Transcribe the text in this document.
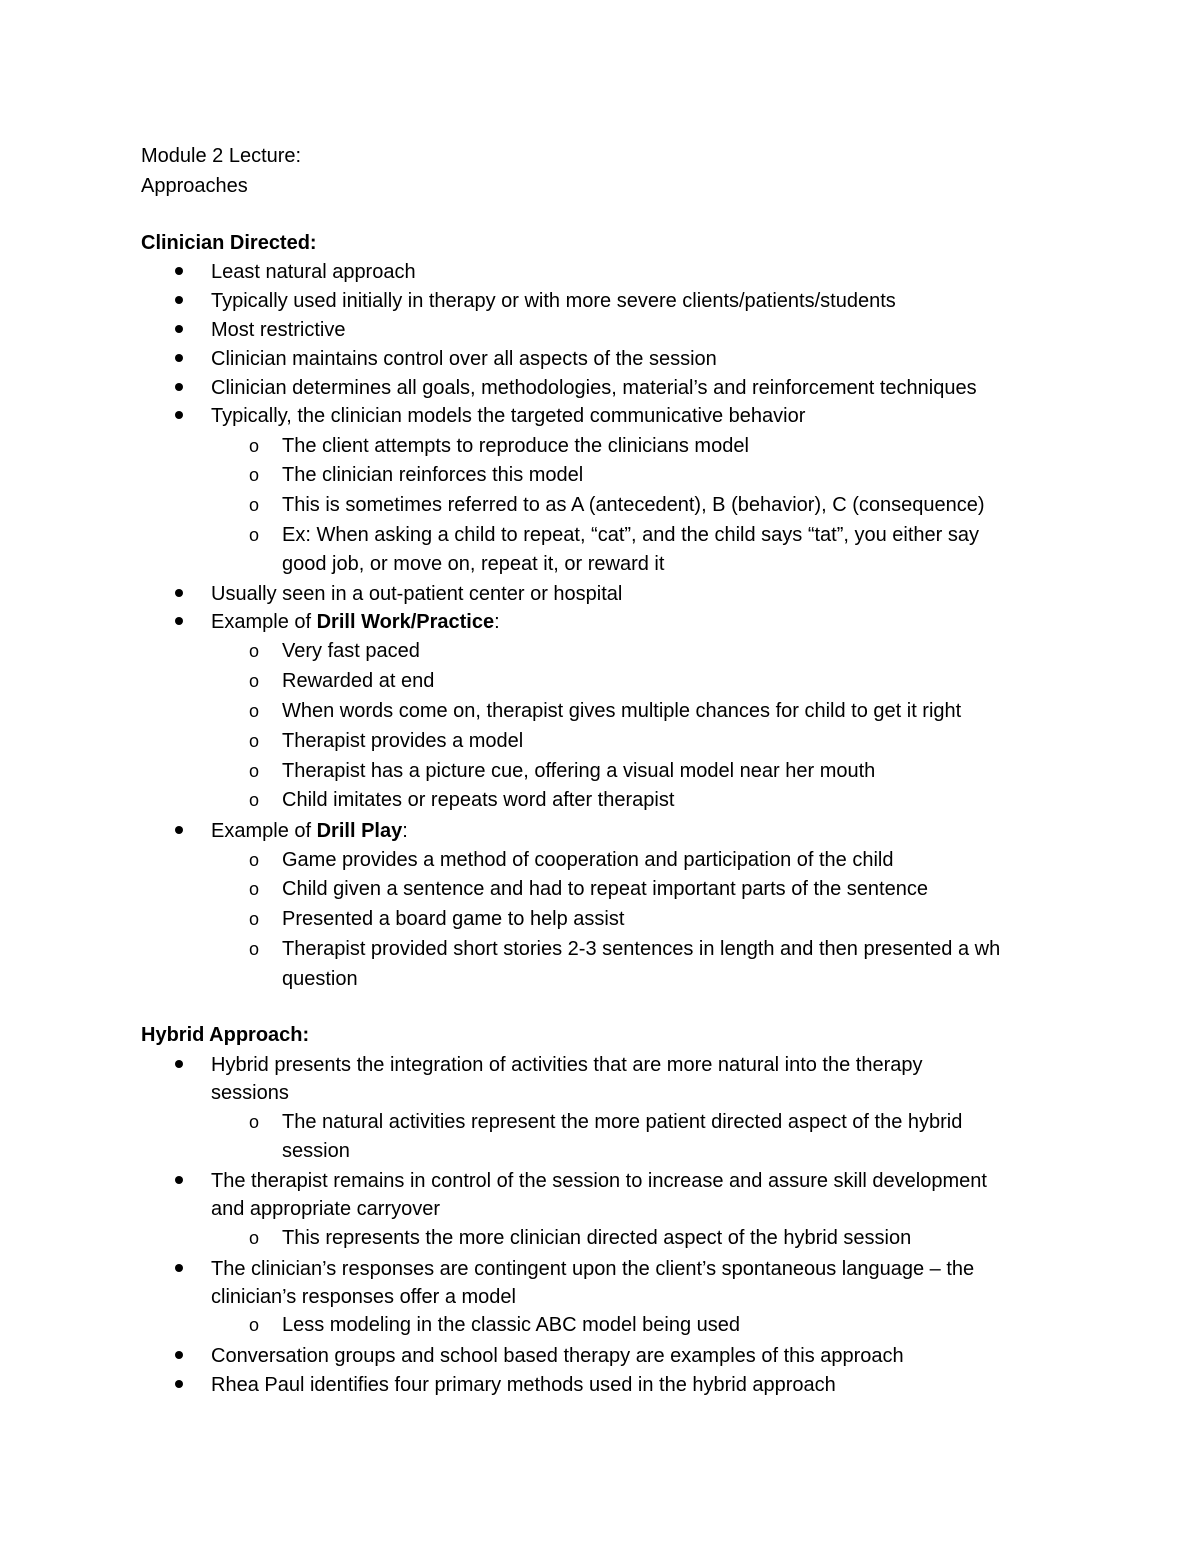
Module 2 Lecture:
Approaches
Clinician Directed:
Least natural approach
Typically used initially in therapy or with more severe clients/patients/students
Most restrictive
Clinician maintains control over all aspects of the session
Clinician determines all goals, methodologies, material’s and reinforcement techniques
Typically, the clinician models the targeted communicative behavior
o The client attempts to reproduce the clinicians model
o The clinician reinforces this model
o This is sometimes referred to as A (antecedent), B (behavior), C (consequence)
o Ex: When asking a child to repeat, “cat”, and the child says “tat”, you either say
good job, or move on, repeat it, or reward it
Usually seen in a out-patient center or hospital
Example of Drill Work/Practice:
o Very fast paced
o Rewarded at end
o When words come on, therapist gives multiple chances for child to get it right
o Therapist provides a model
o Therapist has a picture cue, offering a visual model near her mouth
o Child imitates or repeats word after therapist
Example of Drill Play:
o Game provides a method of cooperation and participation of the child
o Child given a sentence and had to repeat important parts of the sentence
o Presented a board game to help assist
o Therapist provided short stories 2-3 sentences in length and then presented a wh
question
Hybrid Approach:
Hybrid presents the integration of activities that are more natural into the therapy
sessions
o The natural activities represent the more patient directed aspect of the hybrid
session
The therapist remains in control of the session to increase and assure skill development
and appropriate carryover
o This represents the more clinician directed aspect of the hybrid session
The clinician’s responses are contingent upon the client’s spontaneous language – the
clinician’s responses offer a model
o Less modeling in the classic ABC model being used
Conversation groups and school based therapy are examples of this approach
Rhea Paul identifies four primary methods used in the hybrid approach
